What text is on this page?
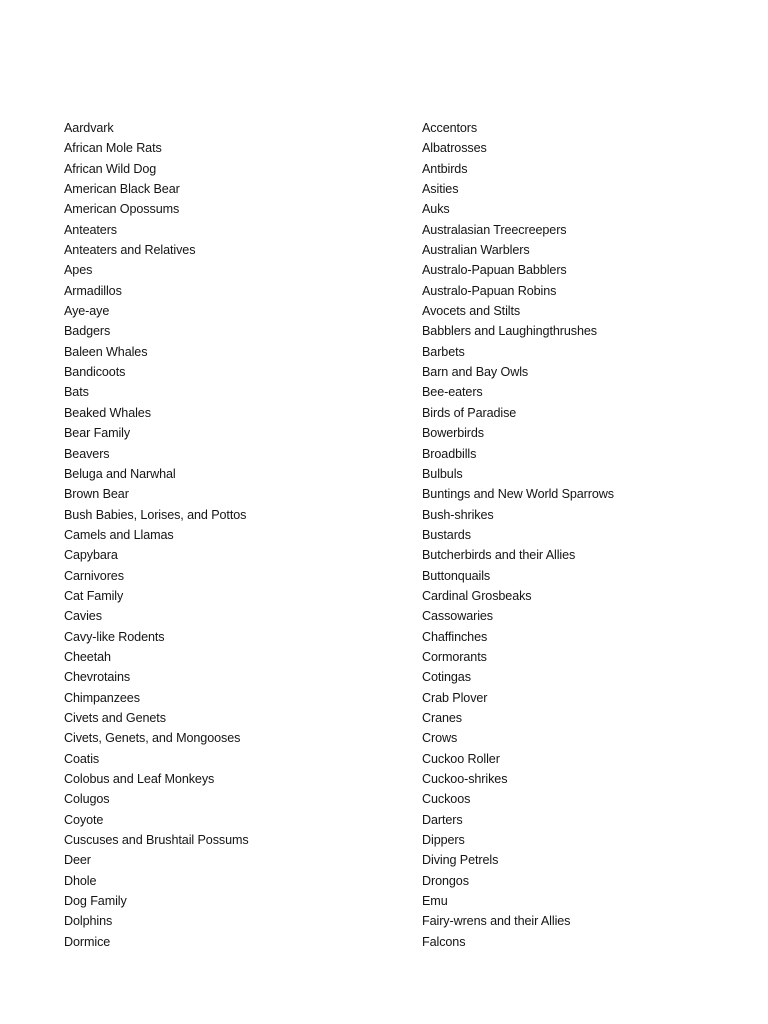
Aardvark
African Mole Rats
African Wild Dog
American Black Bear
American Opossums
Anteaters
Anteaters and Relatives
Apes
Armadillos
Aye-aye
Badgers
Baleen Whales
Bandicoots
Bats
Beaked Whales
Bear Family
Beavers
Beluga and Narwhal
Brown Bear
Bush Babies, Lorises, and Pottos
Camels and Llamas
Capybara
Carnivores
Cat Family
Cavies
Cavy-like Rodents
Cheetah
Chevrotains
Chimpanzees
Civets and Genets
Civets, Genets, and Mongooses
Coatis
Colobus and Leaf Monkeys
Colugos
Coyote
Cuscuses and Brushtail Possums
Deer
Dhole
Dog Family
Dolphins
Dormice
Accentors
Albatrosses
Antbirds
Asities
Auks
Australasian Treecreepers
Australian Warblers
Australo-Papuan Babblers
Australo-Papuan Robins
Avocets and Stilts
Babblers and Laughingthrushes
Barbets
Barn and Bay Owls
Bee-eaters
Birds of Paradise
Bowerbirds
Broadbills
Bulbuls
Buntings and New World Sparrows
Bush-shrikes
Bustards
Butcherbirds and their Allies
Buttonquails
Cardinal Grosbeaks
Cassowaries
Chaffinches
Cormorants
Cotingas
Crab Plover
Cranes
Crows
Cuckoo Roller
Cuckoo-shrikes
Cuckoos
Darters
Dippers
Diving Petrels
Drongos
Emu
Fairy-wrens and their Allies
Falcons
